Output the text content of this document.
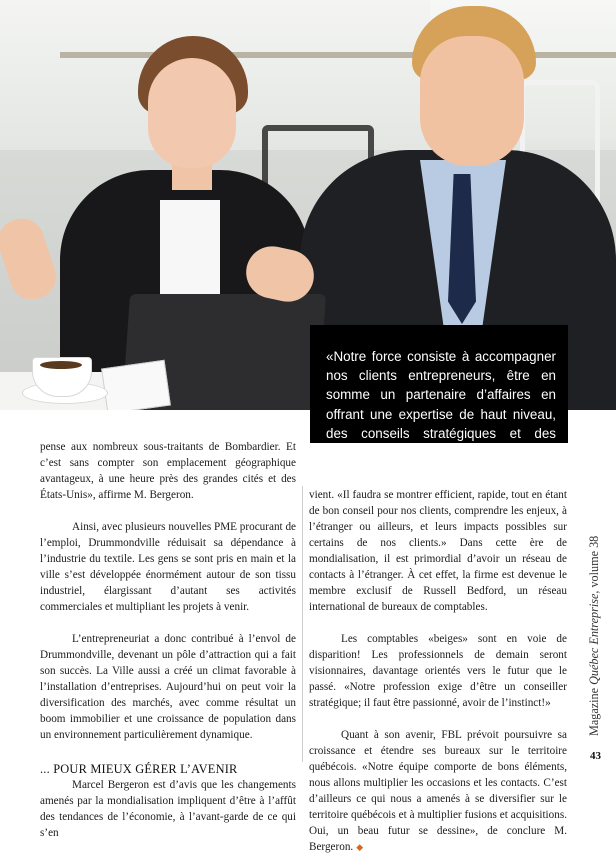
«Notre force consiste à accompagner nos clients entrepreneurs, être en somme un partenaire d’affaires en offrant une expertise de haut niveau, des conseils stratégiques et des solutions créatives... »

pense aux nombreux sous-traitants de Bombardier. Et c’est sans compter son emplacement géographique avantageux, à une heure près des grandes cités et des États-Unis», affirme M. Bergeron.

Ainsi, avec plusieurs nouvelles PME procurant de l’emploi, Drummondville réduisait sa dépendance à l’industrie du textile. Les gens se sont pris en main et la ville s’est développée énormément autour de son tissu industriel, élargissant d’autant ses activités commerciales et multipliant les projets à venir.

L’entrepreneuriat a donc contribué à l’envol de Drummondville, devenant un pôle d’attraction qui a fait son succès. La Ville aussi a créé un climat favorable à l’installation d’entreprises. Aujourd’hui on peut voir la diversification des marchés, avec comme résultat un boom immobilier et une croissance de population dans un environnement particulièrement dynamique.

... POUR MIEUX GÉRER L’AVENIR

Marcel Bergeron est d’avis que les changements amenés par la mondialisation impliquent d’être à l’affût des tendances de l’économie, à l’avant-garde de ce qui s’en

vient. «Il faudra se montrer efficient, rapide, tout en étant de bon conseil pour nos clients, comprendre les enjeux, à l’étranger ou ailleurs, et leurs impacts possibles sur certains de nos clients.» Dans cette ère de mondialisation, il est primordial d’avoir un réseau de contacts à l’étranger. À cet effet, la firme est devenue le membre exclusif de Russell Bedford, un réseau international de bureaux de comptables.

Les comptables «beiges» sont en voie de disparition! Les professionnels de demain seront visionnaires, davantage orientés vers le futur que le passé. «Notre profession exige d’être un conseiller stratégique; il faut être passionné, avoir de l’instinct!»

Quant à son avenir, FBL prévoit poursuivre sa croissance et étendre ses bureaux sur le territoire québécois. «Notre équipe comporte de bons éléments, nous allons multiplier les occasions et les contacts. C’est d’ailleurs ce qui nous a amenés à se diversifier sur le territoire québécois et à multiplier fusions et acquisitions. Oui, un beau futur se dessine», de conclure M. Bergeron. ◆

Magazine Québec Entreprise, volume 38
43
